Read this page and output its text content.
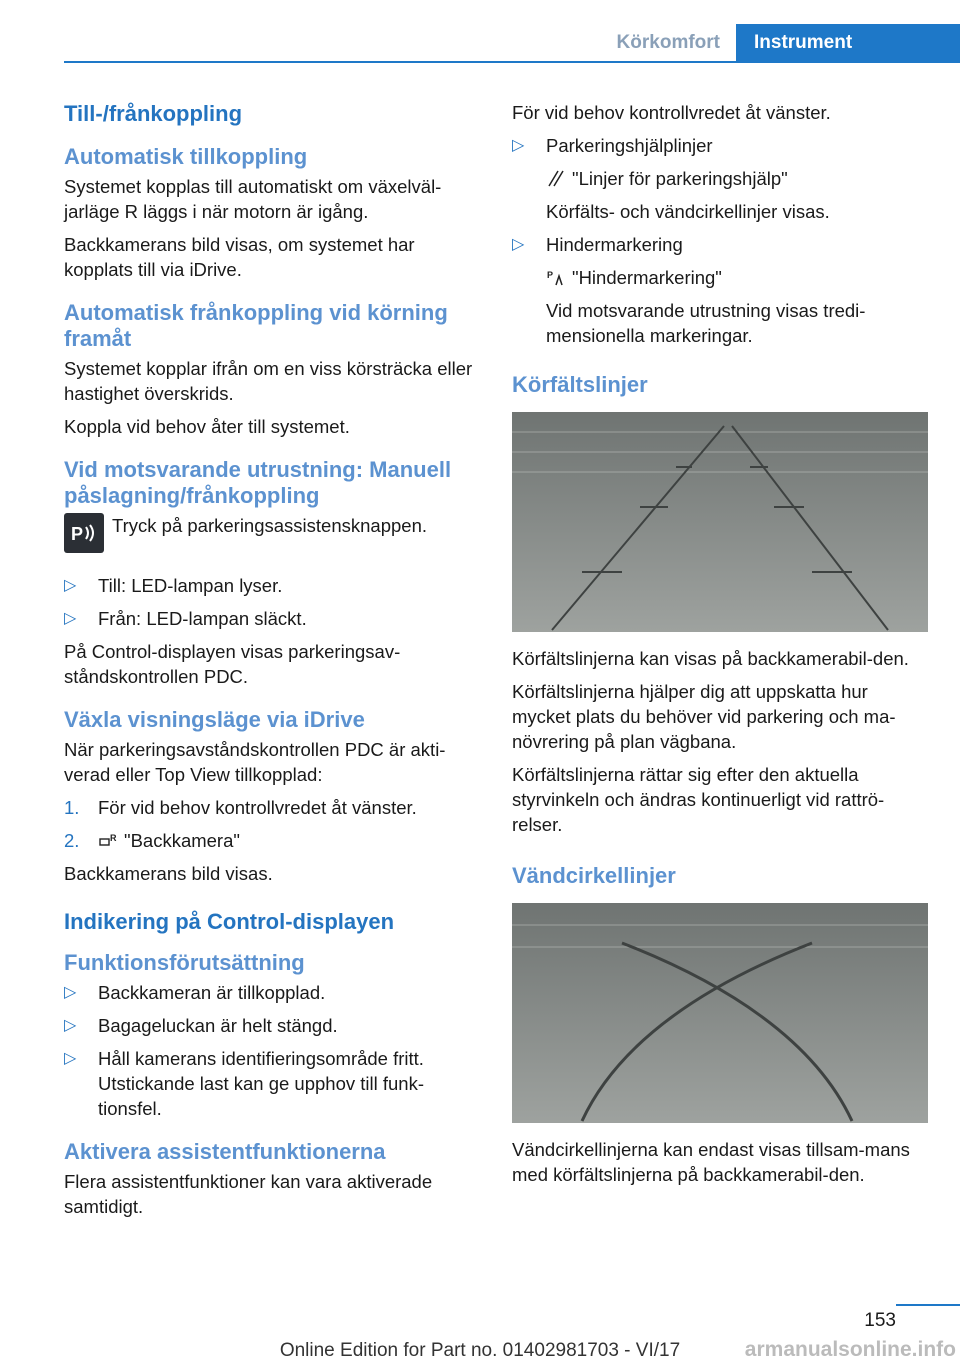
Körkomfort	Instrument
Till-/frånkoppling
Automatisk tillkoppling
Systemet kopplas till automatiskt om växelväl-jarläge R läggs i när motorn är igång.
Backkamerans bild visas, om systemet har kopplats till via iDrive.
Automatisk frånkoppling vid körning framåt
Systemet kopplar ifrån om en viss körsträcka eller hastighet överskrids.
Koppla vid behov åter till systemet.
Vid motsvarande utrustning: Manuell påslagning/frånkoppling
P Tryck på parkeringsassistensknappen.
▷ Till: LED-lampan lyser.
▷ Från: LED-lampan släckt.
På Control-displayen visas parkeringsav-ståndskontrollen PDC.
Växla visningsläge via iDrive
När parkeringsavståndskontrollen PDC är akti-verad eller Top View tillkopplad:
1. För vid behov kontrollvredet åt vänster.
2.	R "Backkamera"
Backkamerans bild visas.
Indikering på Control-displayen
Funktionsförutsättning
▷ Backkameran är tillkopplad.
▷ Bagageluckan är helt stängd.
▷ Håll kamerans identifieringsområde fritt. Utstickande last kan ge upphov till funk-tionsfel.
Aktivera assistentfunktionerna
Flera assistentfunktioner kan vara aktiverade samtidigt.
För vid behov kontrollvredet åt vänster.
▷ Parkeringshjälplinjer
"Linjer för parkeringshjälp"
Körfälts- och vändcirkellinjer visas.
▷ Hindermarkering
P "Hindermarkering"
Vid motsvarande utrustning visas tredi-mensionella markeringar.
Körfältslinjer
Körfältslinjerna kan visas på backkamerabil-den.
Körfältslinjerna hjälper dig att uppskatta hur mycket plats du behöver vid parkering och ma-növrering på plan vägbana.
Körfältslinjerna rättar sig efter den aktuella styrvinkeln och ändras kontinuerligt vid rattrö-relser.
Vändcirkellinjer
Vändcirkellinjerna kan endast visas tillsam-mans med körfältslinjerna på backkamerabil-den.
153
Online Edition for Part no. 01402981703 - VI/17	armanualsonline.info
